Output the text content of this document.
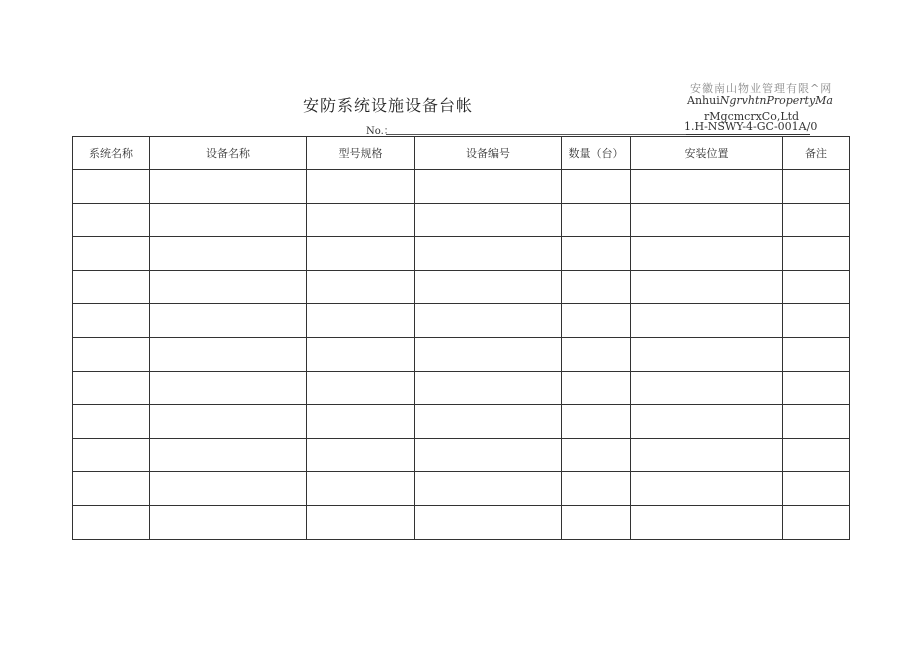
安徽南山物业管理有限^网
AnhuiNgrvhtnPropertyMa
rMgcmcrxCo,Ltd
1.H-NSWY-4-GC-001A/0
安防系统设施设备台帐
No.：
系统名称	设备名称	型号规格	设备编号	数量（台）	安装位置	备注
